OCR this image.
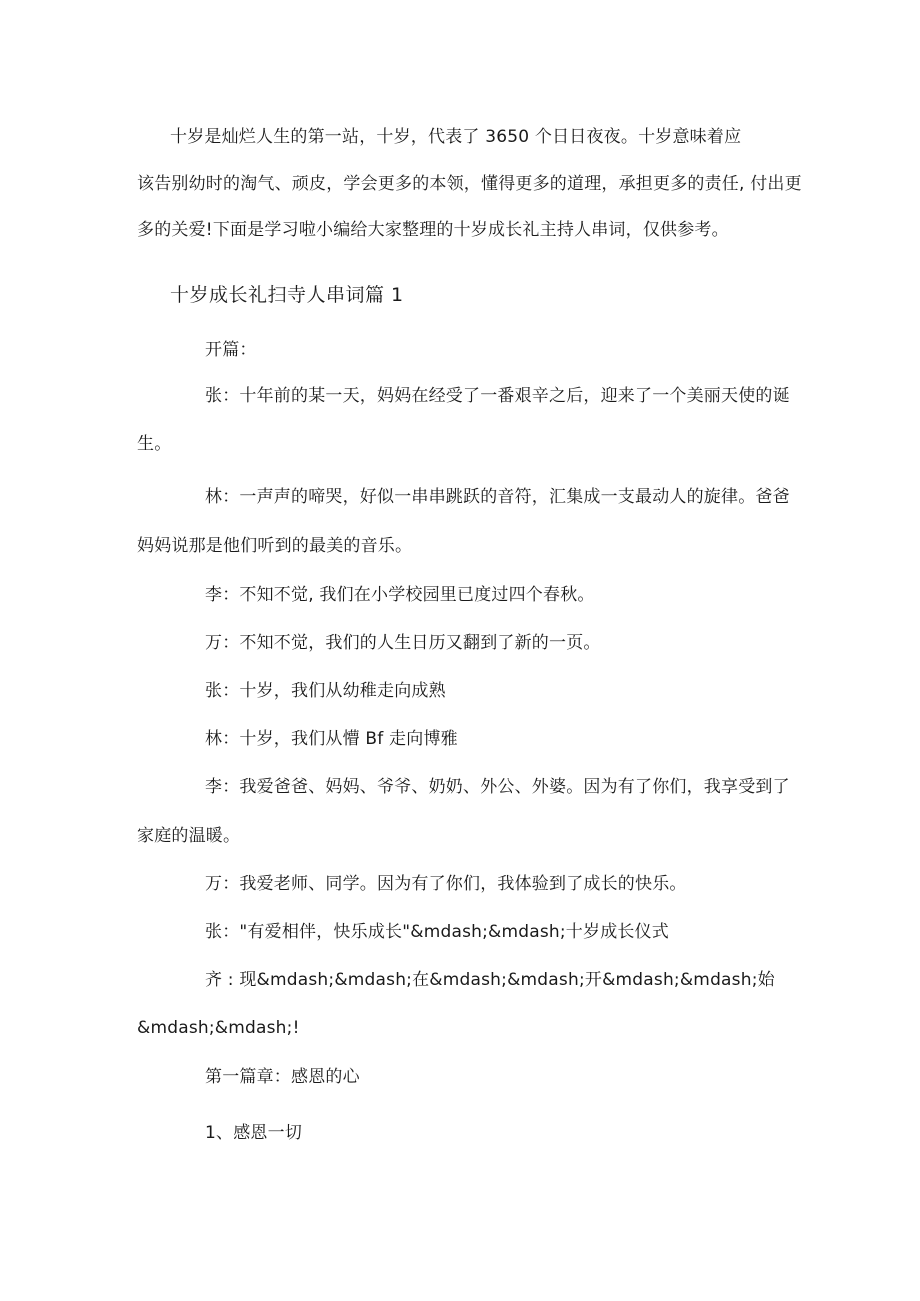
十岁是灿烂人生的第一站，十岁，代表了 3650 个日日夜夜。十岁意味着应
该告别幼时的淘气、顽皮，学会更多的本领，懂得更多的道理，承担更多的责任, 付出更
多的关爱!下面是学习啦小编给大家整理的十岁成长礼主持人串词，仅供参考。
十岁成长礼扫寺人串词篇 1
开篇：
张：十年前的某一天，妈妈在经受了一番艰辛之后，迎来了一个美丽天使的诞
生。
林：一声声的啼哭，好似一串串跳跃的音符，汇集成一支最动人的旋律。爸爸
妈妈说那是他们听到的最美的音乐。
李：不知不觉, 我们在小学校园里已度过四个春秋。
万：不知不觉，我们的人生日历又翻到了新的一页。
张：十岁，我们从幼稚走向成熟
林：十岁，我们从懵 Bf 走向博雅
李：我爱爸爸、妈妈、爷爷、奶奶、外公、外婆。因为有了你们，我享受到了
家庭的温暖。
万：我爱老师、同学。因为有了你们，我体验到了成长的快乐。
张："有爱相伴，快乐成长"&mdash;&mdash;十岁成长仪式
齐 : 现&mdash;&mdash;在&mdash;&mdash;开&mdash;&mdash;始
&mdash;&mdash;!
第一篇章：感恩的心
1、感恩一切
